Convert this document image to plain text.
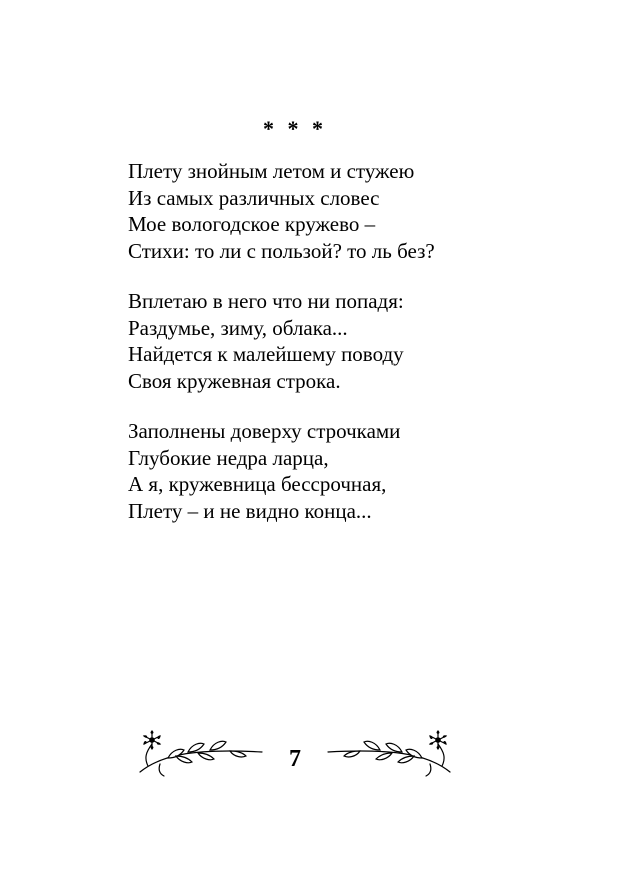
* * *
Плету знойным летом и стужею
Из самых различных словес
Мое вологодское кружево –
Стихи: то ли с пользой? то ль без?
Вплетаю в него что ни попадя:
Раздумье, зиму, облака...
Найдется к малейшему поводу
Своя кружевная строка.
Заполнены доверху строчками
Глубокие недра ларца,
А я, кружевница бессрочная,
Плету – и не видно конца...
7
